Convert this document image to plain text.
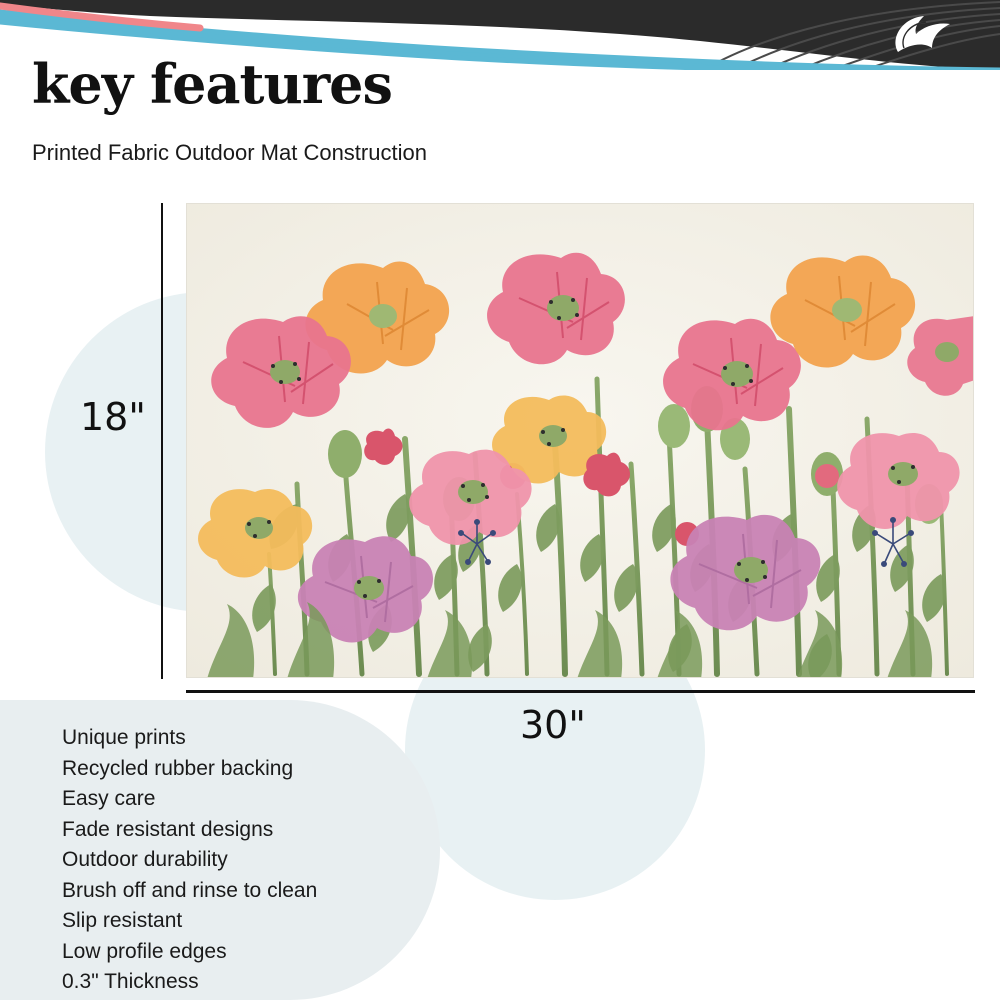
key features
Printed Fabric Outdoor Mat Construction
18"
30"
Unique prints
Recycled rubber backing
Easy care
Fade resistant designs
Outdoor durability
Brush off and rinse to clean
Slip resistant
Low profile edges
0.3" Thickness
